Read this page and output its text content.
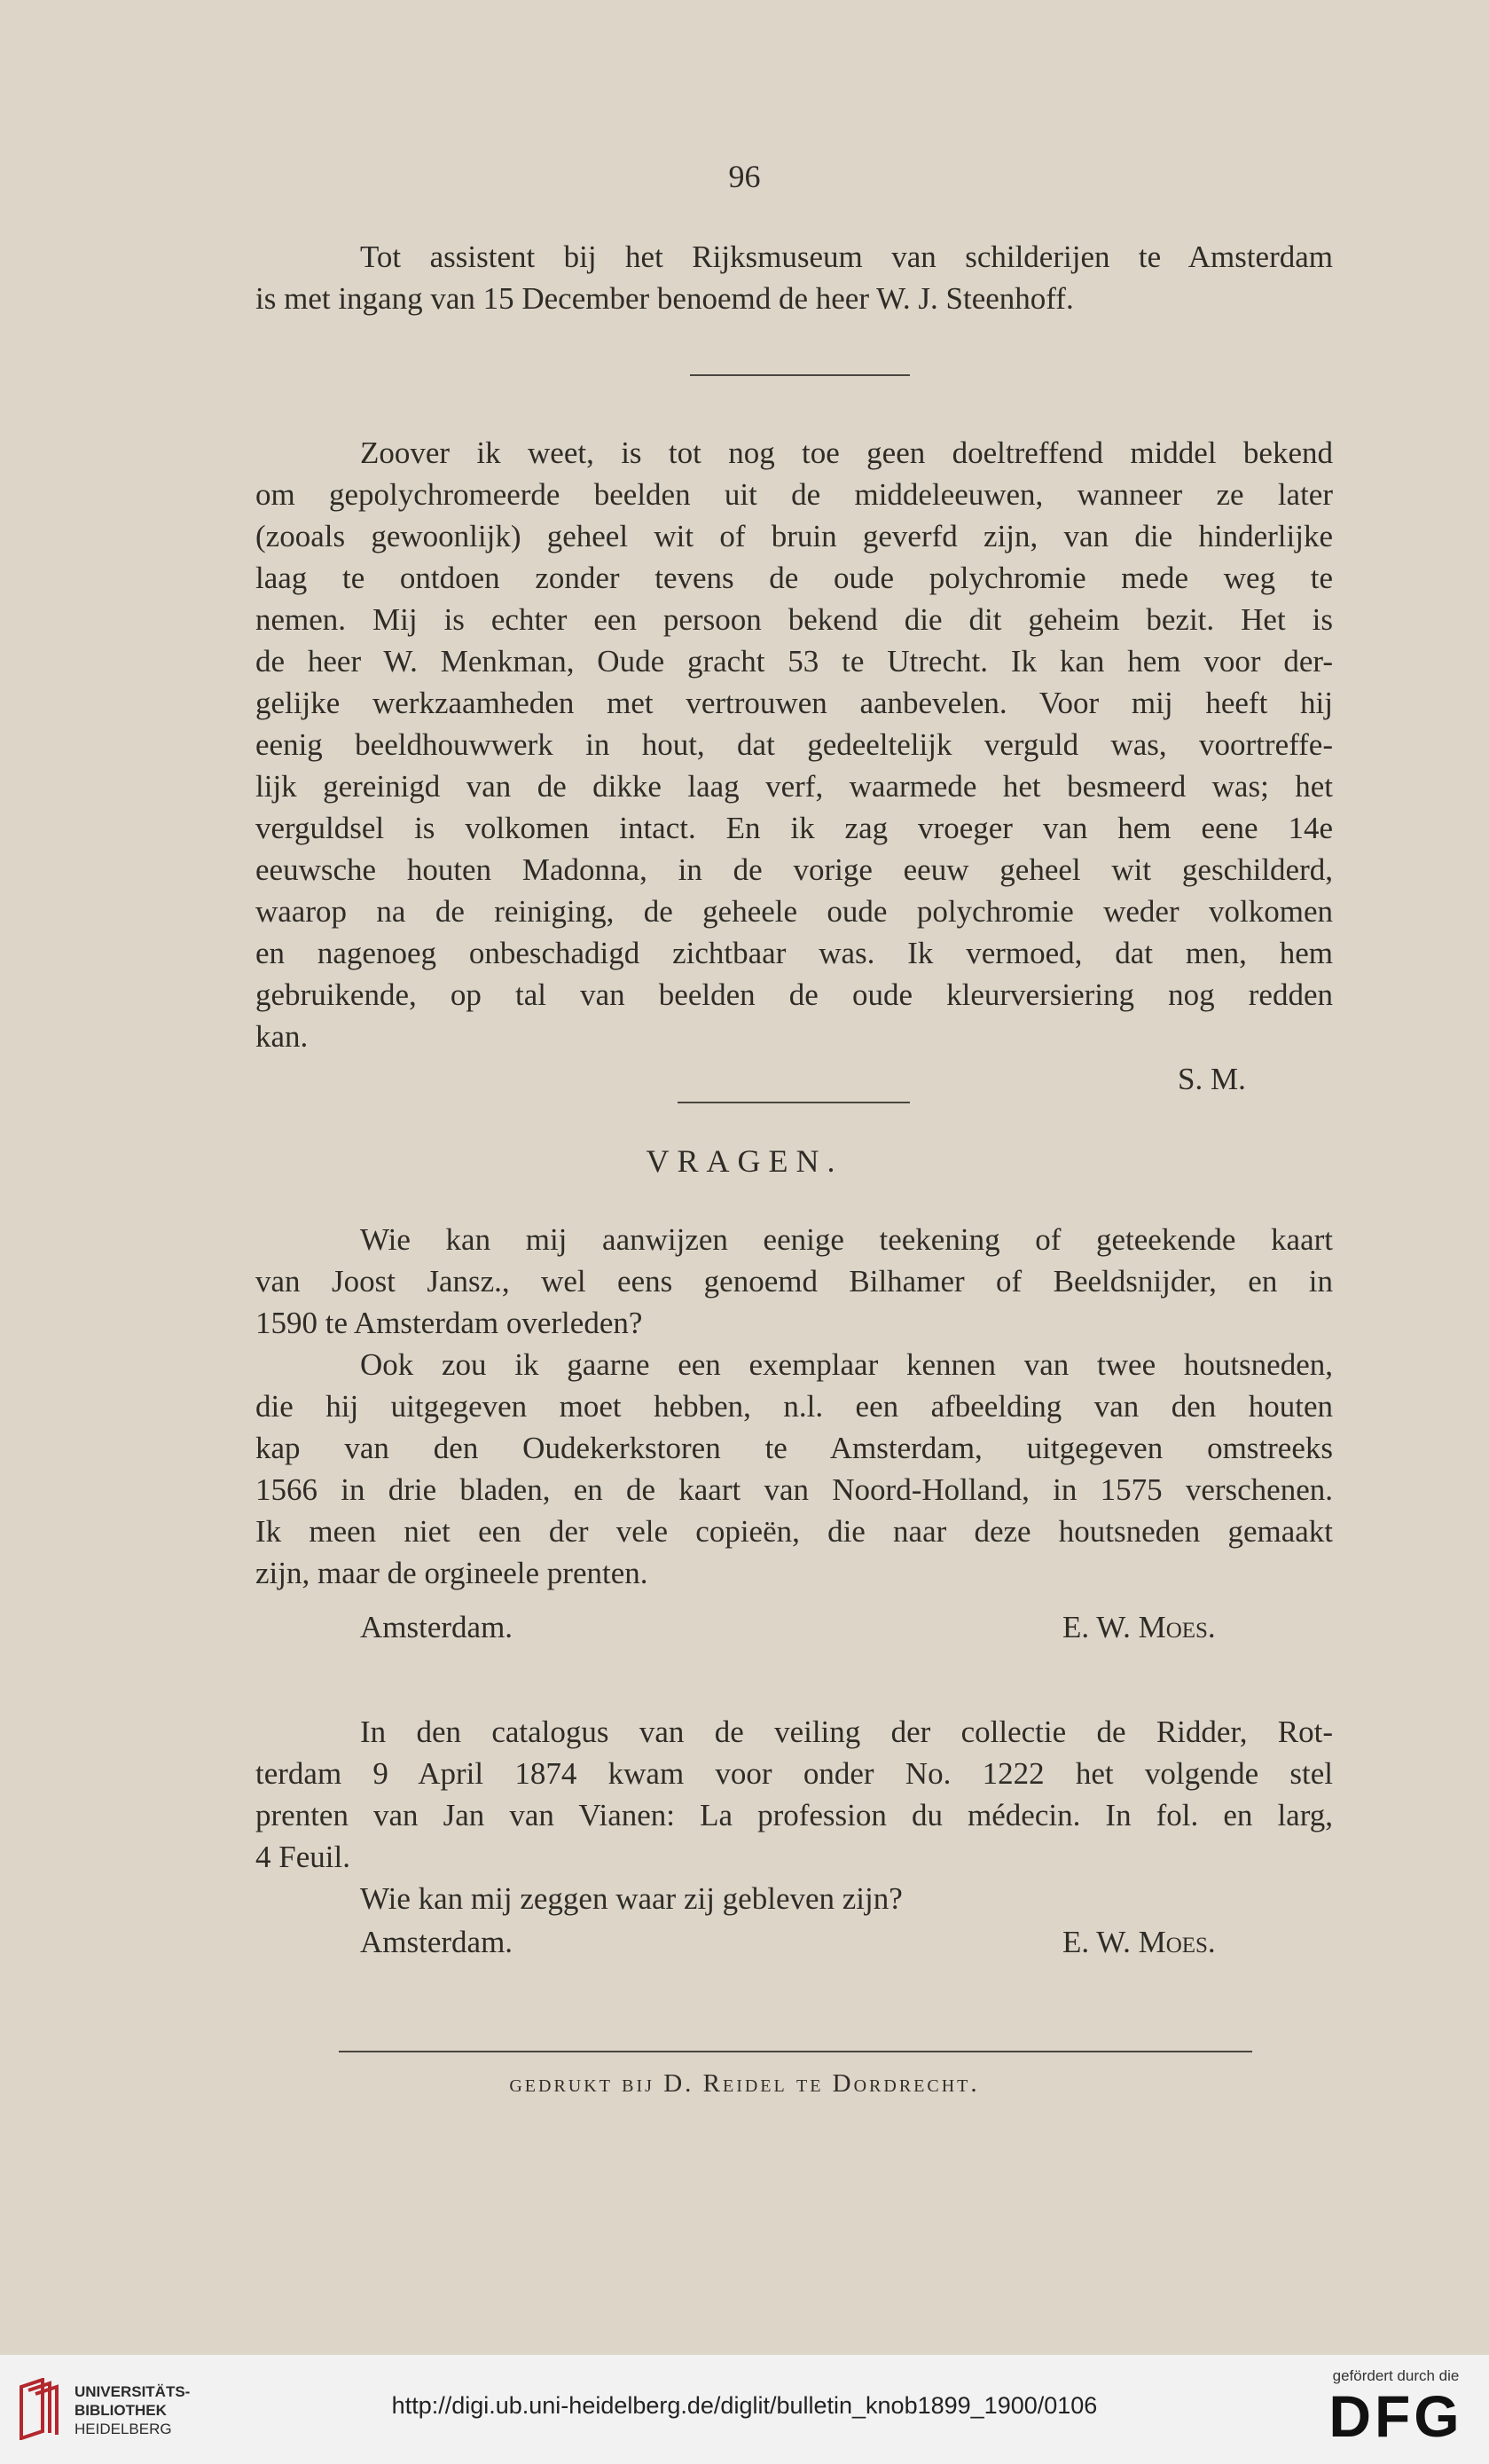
96
Tot assistent bij het Rijksmuseum van schilderijen te Amsterdam
is met ingang van 15 December benoemd de heer W. J. Steenhoff.
Zoover ik weet, is tot nog toe geen doeltreffend middel bekend
om gepolychromeerde beelden uit de middeleeuwen, wanneer ze later
(zooals gewoonlijk) geheel wit of bruin geverfd zijn, van die hinderlijke
laag te ontdoen zonder tevens de oude polychromie mede weg te
nemen. Mij is echter een persoon bekend die dit geheim bezit. Het is
de heer W. Menkman, Oude gracht 53 te Utrecht. Ik kan hem voor der-
gelijke werkzaamheden met vertrouwen aanbevelen. Voor mij heeft hij
eenig beeldhouwwerk in hout, dat gedeeltelijk verguld was, voortreffe-
lijk gereinigd van de dikke laag verf, waarmede het besmeerd was; het
verguldsel is volkomen intact. En ik zag vroeger van hem eene 14e
eeuwsche houten Madonna, in de vorige eeuw geheel wit geschilderd,
waarop na de reiniging, de geheele oude polychromie weder volkomen
en nagenoeg onbeschadigd zichtbaar was. Ik vermoed, dat men, hem
gebruikende, op tal van beelden de oude kleurversiering nog redden
kan.
S. M.
VRAGEN.
Wie kan mij aanwijzen eenige teekening of geteekende kaart
van Joost Jansz., wel eens genoemd Bilhamer of Beeldsnijder, en in
1590 te Amsterdam overleden?
Ook zou ik gaarne een exemplaar kennen van twee houtsneden,
die hij uitgegeven moet hebben, n.l. een afbeelding van den houten
kap van den Oudekerkstoren te Amsterdam, uitgegeven omstreeks
1566 in drie bladen, en de kaart van Noord-Holland, in 1575 verschenen.
Ik meen niet een der vele copieën, die naar deze houtsneden gemaakt
zijn, maar de orgineele prenten.
Amsterdam.	E. W. Moes.
In den catalogus van de veiling der collectie de Ridder, Rot-
terdam 9 April 1874 kwam voor onder No. 1222 het volgende stel
prenten van Jan van Vianen: La profession du médecin. In fol. en larg,
4 Feuil.
Wie kan mij zeggen waar zij gebleven zijn?
Amsterdam.	E. W. Moes.
gedrukt bij D. Reidel te Dordrecht.
UNIVERSITÄTS-
BIBLIOTHEK
HEIDELBERG
http://digi.ub.uni-heidelberg.de/diglit/bulletin_knob1899_1900/0106
gefördert durch die
DFG
